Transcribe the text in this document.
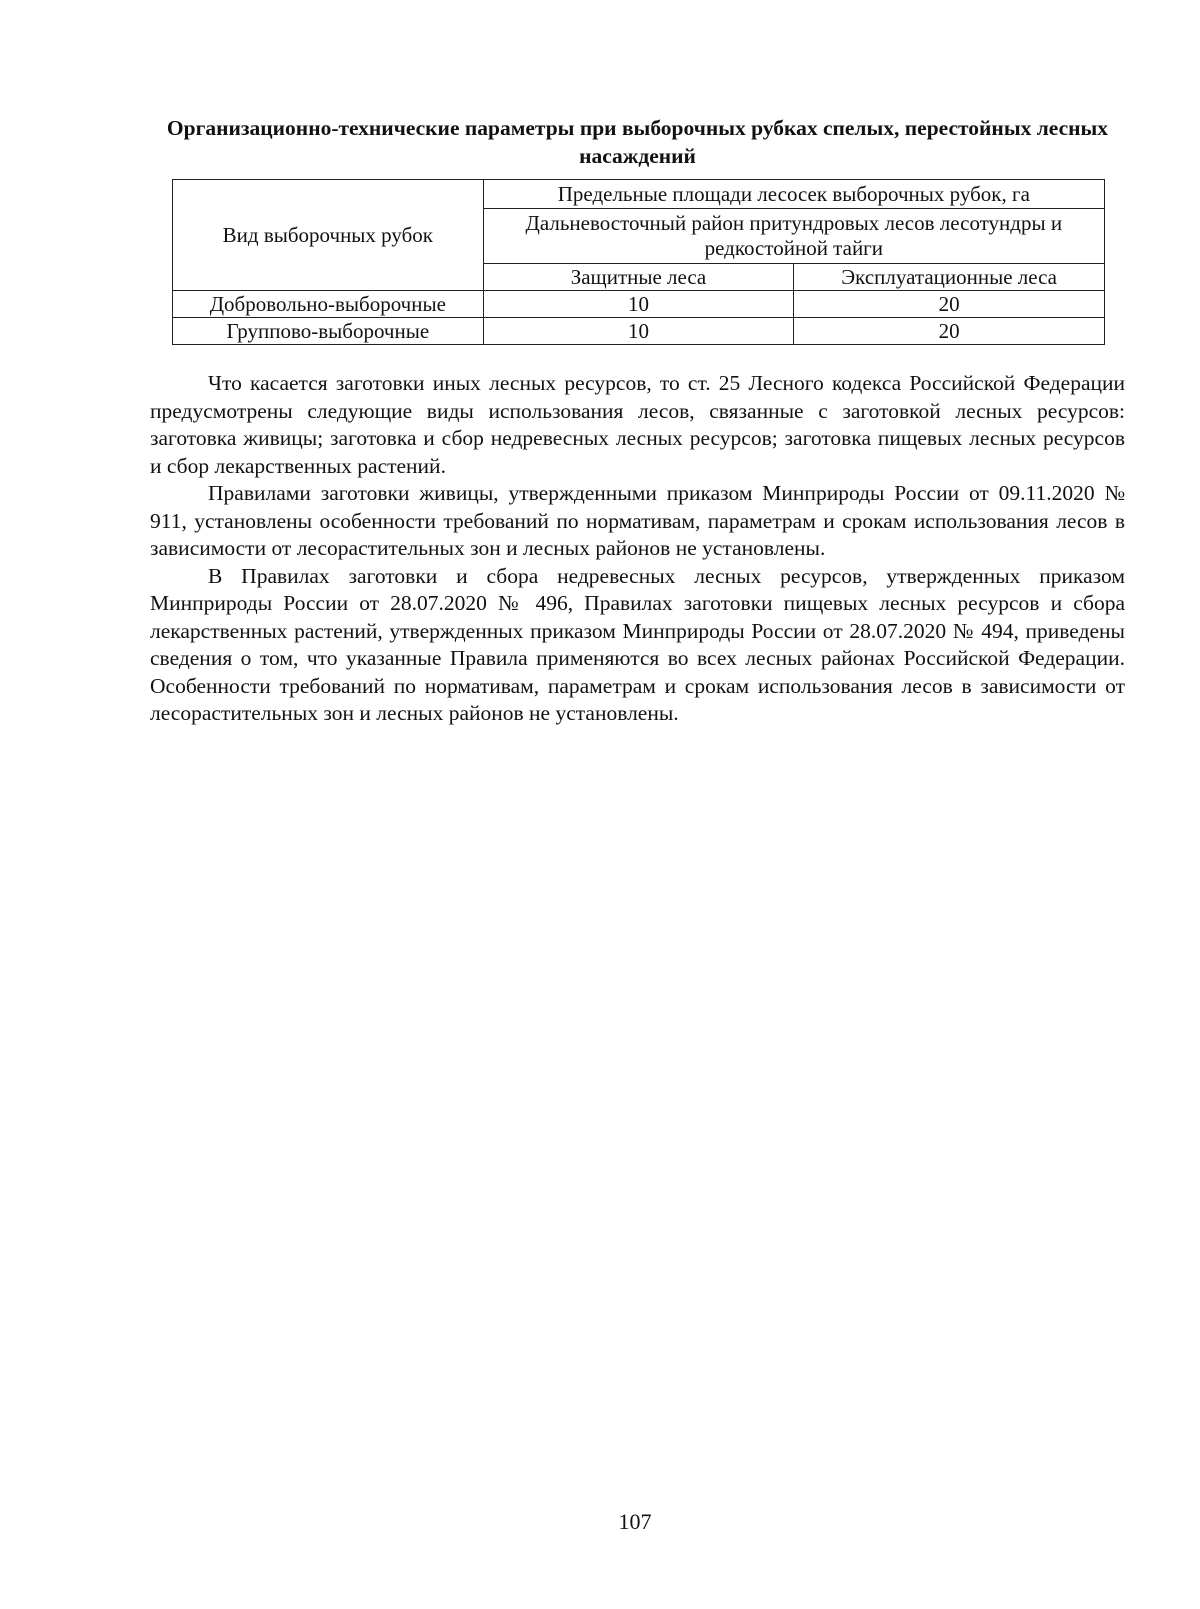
Организационно-технические параметры при выборочных рубках спелых, перестойных лесных насаждений
Вид выборочных рубок	Предельные площади лесосек выборочных рубок, га	
	Дальневосточный район притундровых лесов лесотундры и редкостойной тайги	
	Защитные леса	Эксплуатационные леса
Добровольно-выборочные	10	20
Группово-выборочные	10	20

Что касается заготовки иных лесных ресурсов, то ст. 25 Лесного кодекса Российской Федерации предусмотрены следующие виды использования лесов, связанные с заготовкой лесных ресурсов: заготовка живицы; заготовка и сбор недревесных лесных ресурсов; заготовка пищевых лесных ресурсов и сбор лекарственных растений.

Правилами заготовки живицы, утвержденными приказом Минприроды России от 09.11.2020 № 911, установлены особенности требований по нормативам, параметрам и срокам использования лесов в зависимости от лесорастительных зон и лесных районов не установлены.

В Правилах заготовки и сбора недревесных лесных ресурсов, утвержденных приказом Минприроды России от 28.07.2020 № 496, Правилах заготовки пищевых лесных ресурсов и сбора лекарственных растений, утвержденных приказом Минприроды России от 28.07.2020 № 494, приведены сведения о том, что указанные Правила применяются во всех лесных районах Российской Федерации. Особенности требований по нормативам, параметрам и срокам использования лесов в зависимости от лесорастительных зон и лесных районов не установлены.

107
